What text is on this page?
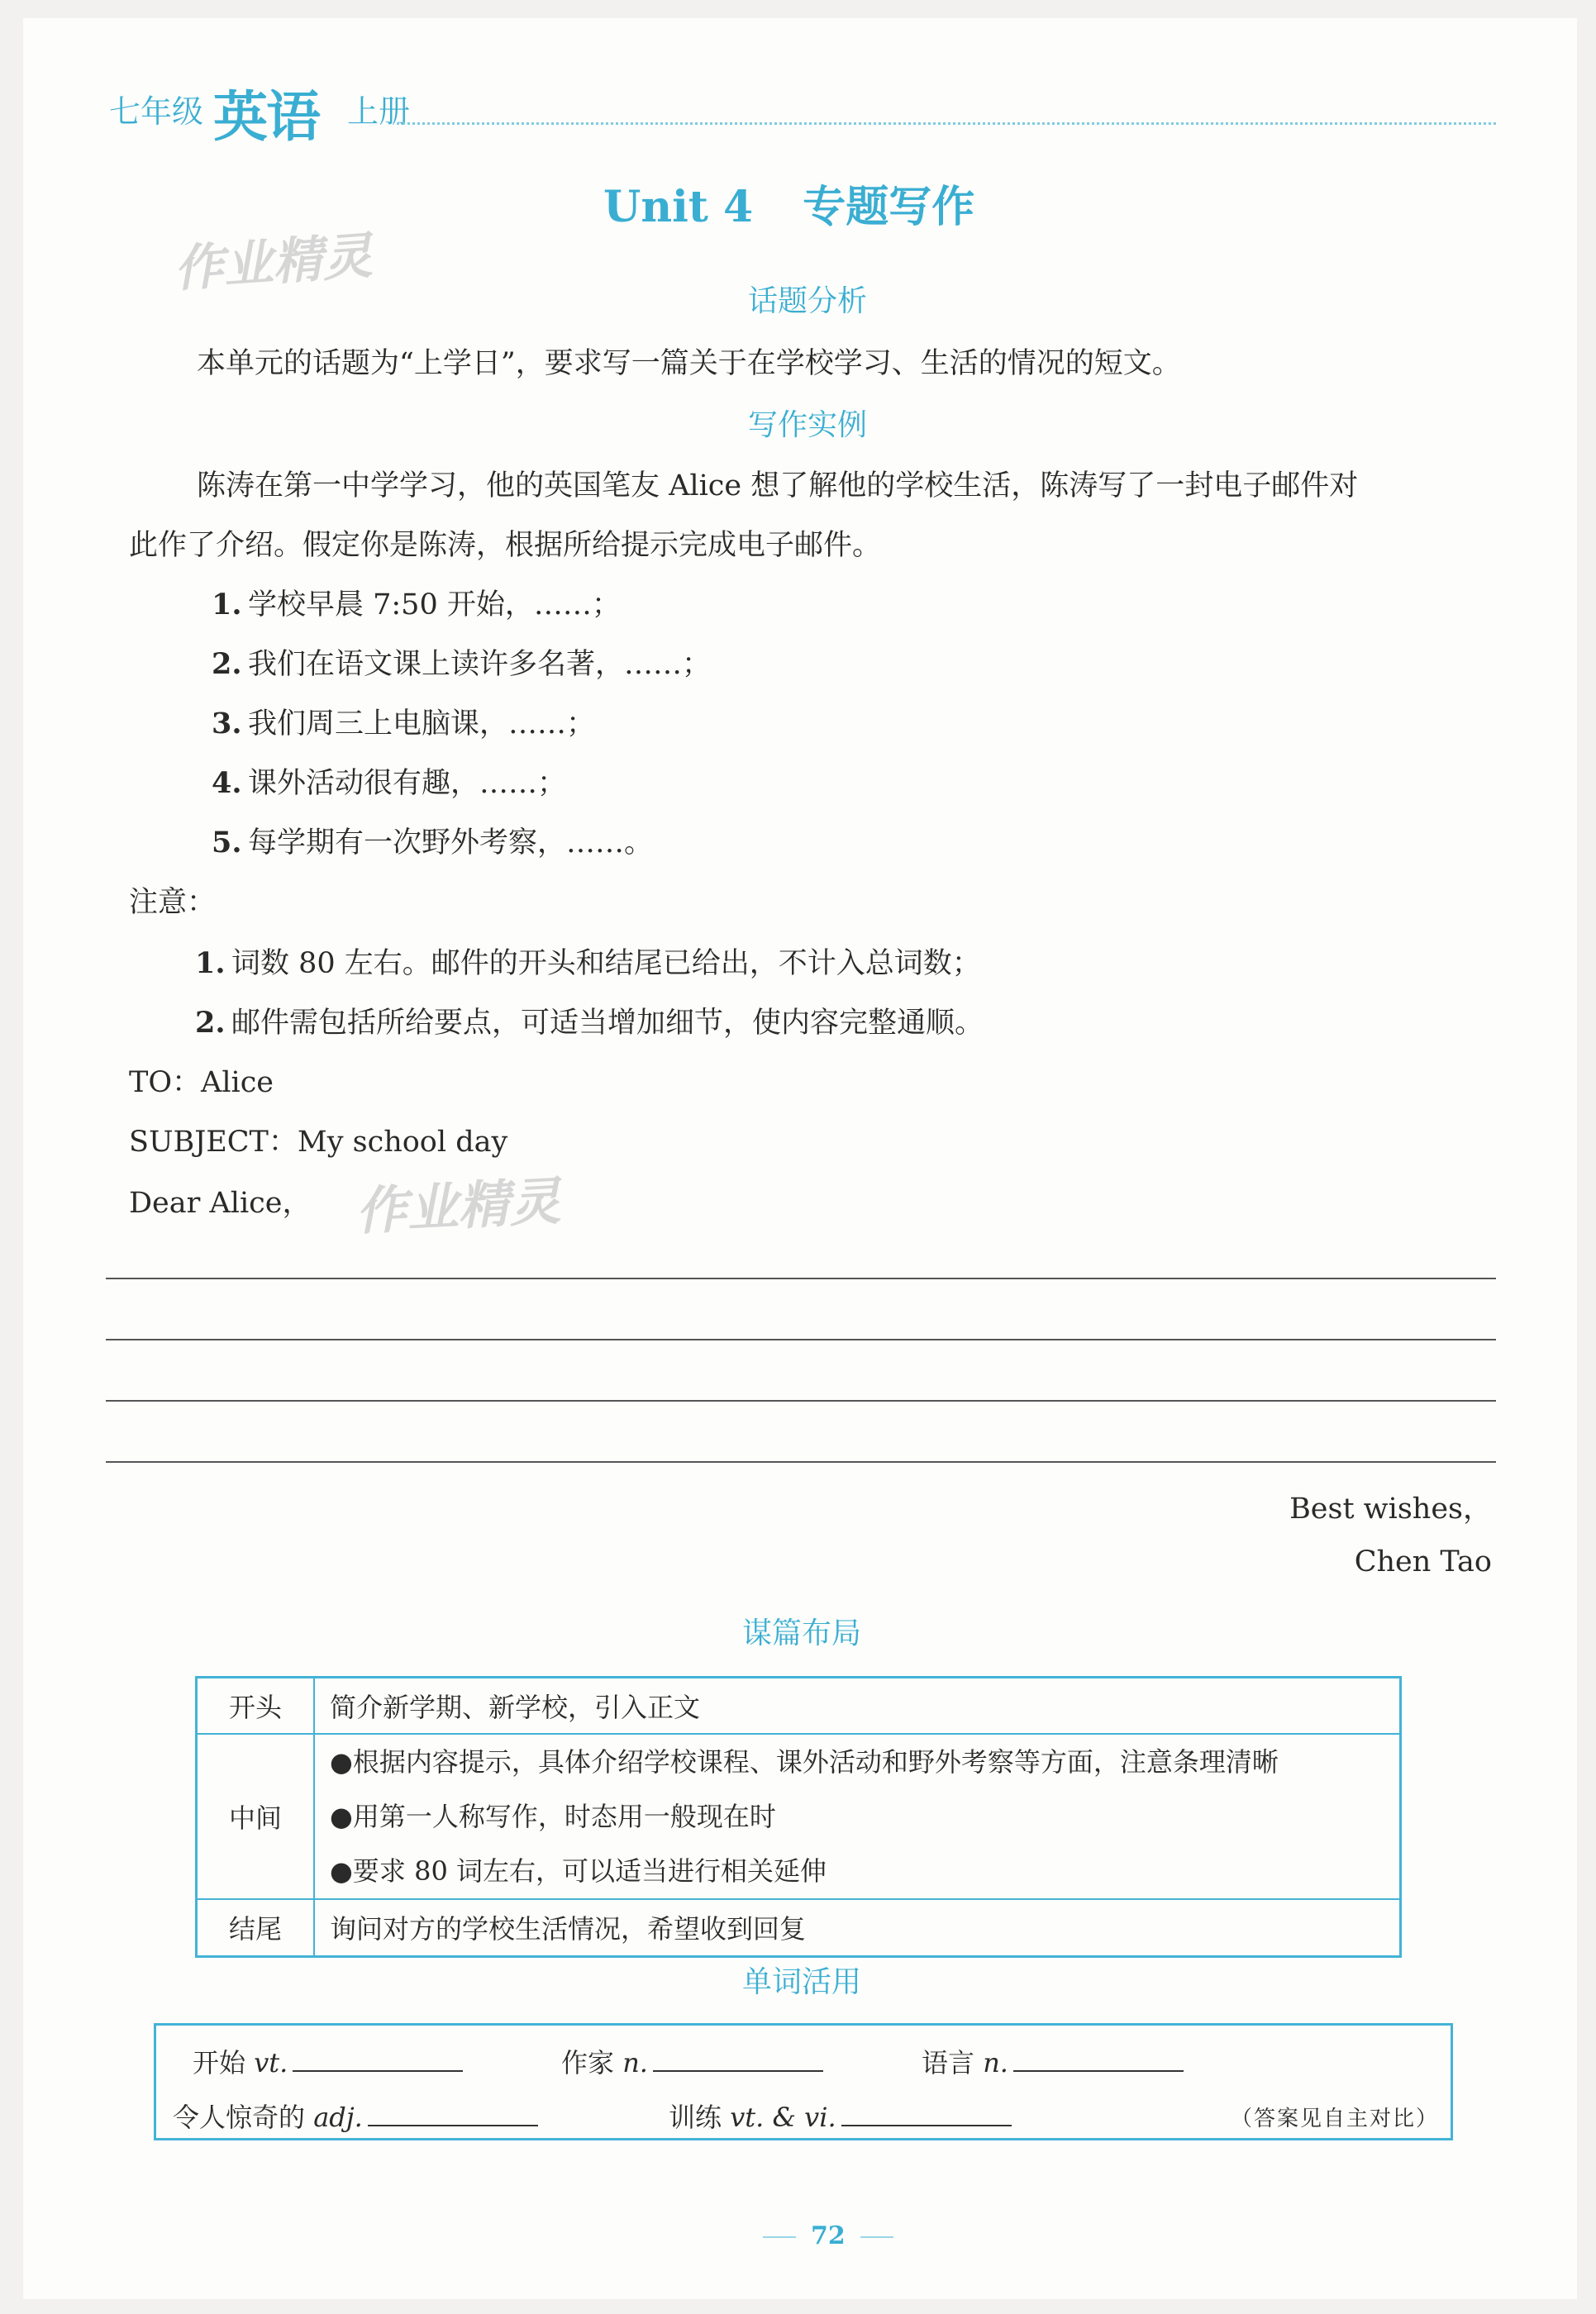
七年级 英语 上册
Unit 4 专题写作
作业精灵
话题分析
本单元的话题为“上学日”，要求写一篇关于在学校学习、生活的情况的短文。
写作实例
陈涛在第一中学学习，他的英国笔友 Alice 想了解他的学校生活，陈涛写了一封电子邮件对
此作了介绍。假定你是陈涛，根据所给提示完成电子邮件。
1. 学校早晨 7:50 开始，……；
2. 我们在语文课上读许多名著，……；
3. 我们周三上电脑课，……；
4. 课外活动很有趣，……；
5. 每学期有一次野外考察，……。
注意：
1. 词数 80 左右。邮件的开头和结尾已给出，不计入总词数；
2. 邮件需包括所给要点，可适当增加细节，使内容完整通顺。
TO：Alice
SUBJECT：My school day
Dear Alice， 作业精灵
Best wishes，
Chen Tao
谋篇布局
开头	简介新学期、新学校，引入正文
中间	●根据内容提示，具体介绍学校课程、课外活动和野外考察等方面，注意条理清晰
●用第一人称写作，时态用一般现在时
●要求 80 词左右，可以适当进行相关延伸

结尾	询问对方的学校生活情况，希望收到回复
单词活用
开始 vt.	作家 n.	语言 n.
令人惊奇的 adj.	训练 vt. & vi.	（答案见自主对比）
72
